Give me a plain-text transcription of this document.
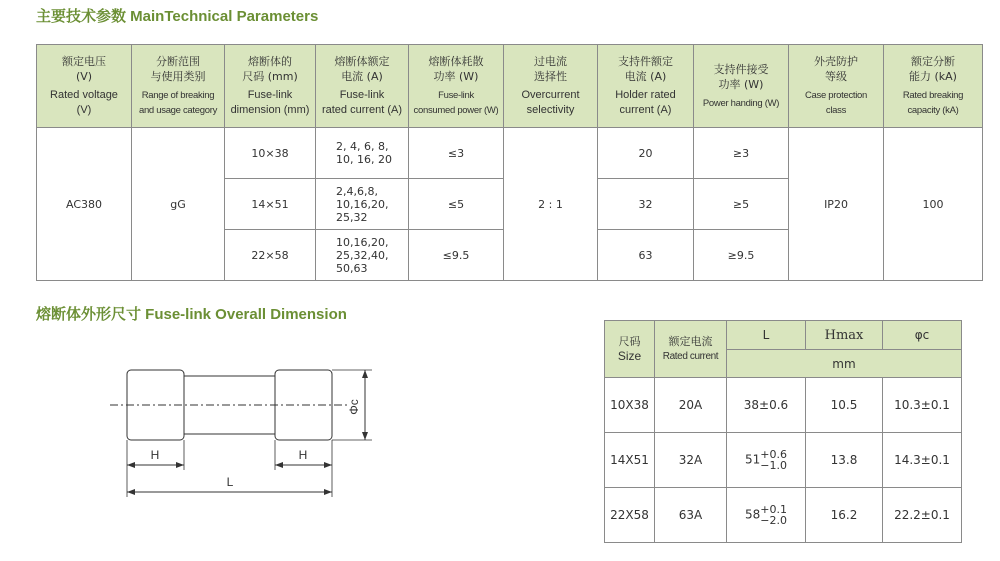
主要技术参数 MainTechnical Parameters
额定电压
(V)
Rated voltage
(V)	分断范围
与使用类别
Range of breaking
and usage category	熔断体的
尺码 (mm)
Fuse-link
dimension (mm)	熔断体额定
电流 (A)
Fuse-link
rated current (A)	熔断体耗散
功率 (W)
Fuse-link
consumed power (W)	过电流
选择性
Overcurrent
selectivity	支持件额定
电流 (A)
Holder rated
current (A)	支持件接受
功率 (W)
Power handing (W)	外壳防护
等级
Case protection
class	额定分断
能力 (kA)
Rated breaking
capacity (kA)

AC380	gG	10×38	2, 4, 6, 8,
10, 16, 20	≤3	2 : 1	20	≥3	IP20	100
		14×51	2,4,6,8,
10,16,20,
25,32	≤5		32	≥5		
		22×58	10,16,20,
25,32,40,
50,63	≤9.5		63	≥9.5		
熔断体外形尺寸 Fuse-link Overall Dimension
H	H
L
Φc
尺码
Size	额定电流
Rated current	L	Hmax	φc
		mm		
10X38	20A	38±0.6	10.5	10.3±0.1
14X51	32A	51 +0.6
−1.0	13.8	14.3±0.1
22X58	63A	58 +0.1
−2.0	16.2	22.2±0.1
